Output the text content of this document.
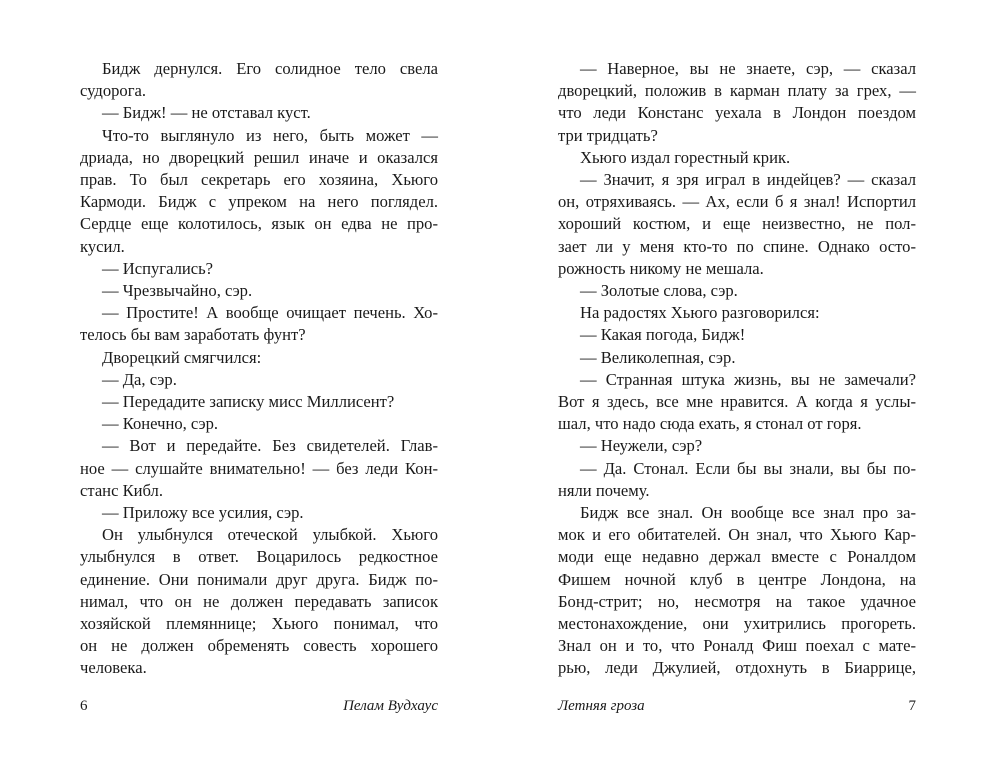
Бидж дернулся. Его солидное тело свела
судорога.

— Бидж! — не отставал куст.

Что-то выглянуло из него, быть может —
дриада, но дворецкий решил иначе и оказался
прав. То был секретарь его хозяина, Хьюго
Кармоди. Бидж с упреком на него поглядел.
Сердце еще колотилось, язык он едва не про-
кусил.

— Испугались?

— Чрезвычайно, сэр.

— Простите! А вообще очищает печень. Хо-
телось бы вам заработать фунт?

Дворецкий смягчился:

— Да, сэр.

— Передадите записку мисс Миллисент?

— Конечно, сэр.

— Вот и передайте. Без свидетелей. Глав-
ное — слушайте внимательно! — без леди Кон-
станс Кибл.

— Приложу все усилия, сэр.

Он улыбнулся отеческой улыбкой. Хьюго
улыбнулся в ответ. Воцарилось редкостное
единение. Они понимали друг друга. Бидж по-
нимал, что он не должен передавать записок
хозяйской племяннице; Хьюго понимал, что
он не должен обременять совесть хорошего
человека.

— Наверное, вы не знаете, сэр, — сказал
дворецкий, положив в карман плату за грех, —
что леди Констанс уехала в Лондон поездом
три тридцать?

Хьюго издал горестный крик.

— Значит, я зря играл в индейцев? — сказал
он, отряхиваясь. — Ах, если б я знал! Испортил
хороший костюм, и еще неизвестно, не пол-
зает ли у меня кто-то по спине. Однако осто-
рожность никому не мешала.

— Золотые слова, сэр.

На радостях Хьюго разговорился:

— Какая погода, Бидж!

— Великолепная, сэр.

— Странная штука жизнь, вы не замечали?
Вот я здесь, все мне нравится. А когда я услы-
шал, что надо сюда ехать, я стонал от горя.

— Неужели, сэр?

— Да. Стонал. Если бы вы знали, вы бы по-
няли почему.

Бидж все знал. Он вообще все знал про за-
мок и его обитателей. Он знал, что Хьюго Кар-
моди еще недавно держал вместе с Роналдом
Фишем ночной клуб в центре Лондона, на
Бонд-стрит; но, несмотря на такое удачное
местонахождение, они ухитрились прогореть.
Знал он и то, что Роналд Фиш поехал с мате-
рью, леди Джулией, отдохнуть в Биаррице,

6	Пелам Вудхаус	Летняя гроза	7
